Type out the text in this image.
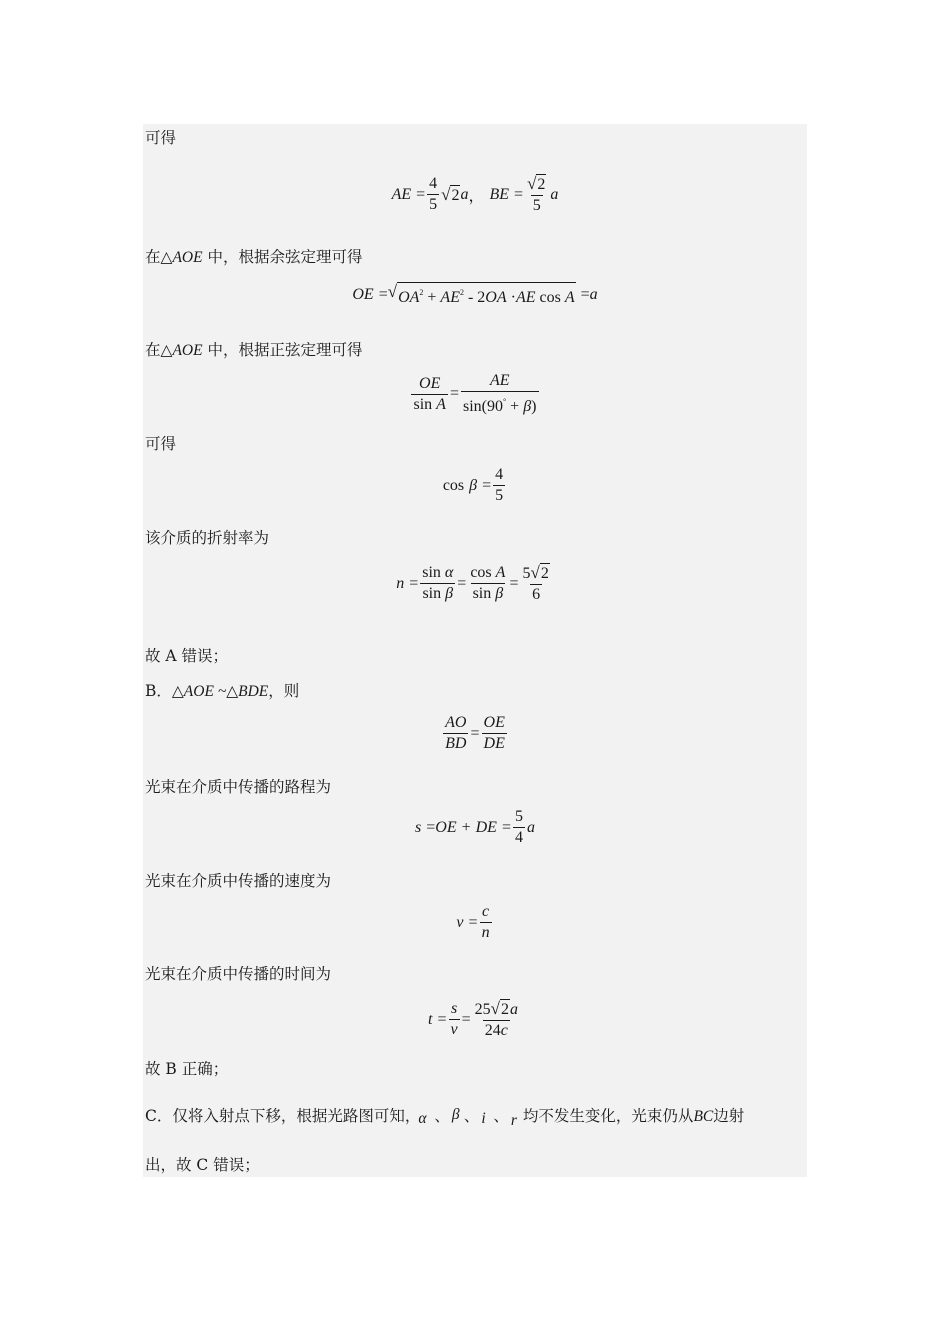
可得
AE = $\frac{4}{5}$ √ 2 a ， BE = $\frac{√ 2}{5}$ a
在△AOE 中，根据余弦定理可得
OE = √ $OA^2 + AE^2 - 2OA \cdot AE$ cos A = a
在△AOE 中，根据正弦定理可得
$\frac{OE}{\text{sin A}} = \frac{AE}{\sin(90^\circ + \beta)}$
可得
$\cos \beta = \frac{4}{5}$
该介质的折射率为
$n = \frac{\text{sin α}}{\text{sin β}} = \frac{\text{cos A}}{\text{sin β}} = \frac{5 √ 2}{6}$
故 A 错误；
B．△AOE ~△BDE，则
$\frac{AO}{BD} = \frac{OE}{DE}$
光束在介质中传播的路程为
s = OE + DE = $\frac{5}{4}$ a
光束在介质中传播的速度为
$v = \frac{c}{n}$
光束在介质中传播的时间为
$t = \frac{s}{v} = \frac{25 √ 2 a}{24c}$
故 B 正确；
C．仅将入射点下移，根据光路图可知，
α 、 β 、 i 、 r 均不发生变化，光束仍从BC边射
出，故 C 错误；
